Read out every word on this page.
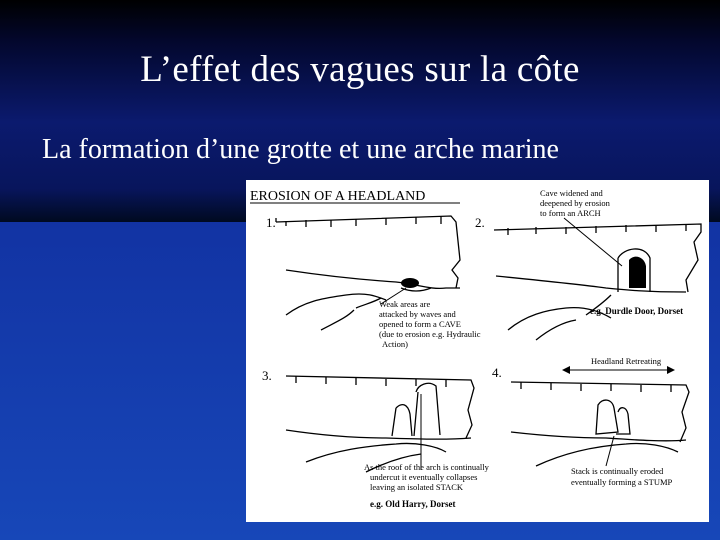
L’effet des vagues sur la côte
La formation d’une grotte et une arche marine
EROSION OF A HEADLAND
1.	2.
3.	4.
Weak areas are
attacked by waves and
opened to form a CAVE
(due to erosion e.g. Hydraulic
Action)
Cave widened and
deepened by erosion
to form an ARCH
e.g. Durdle Door, Dorset
Headland Retreating
As the roof of the arch is continually
undercut it eventually collapses
leaving an isolated STACK
e.g. Old Harry, Dorset
Stack is continually eroded
eventually forming a STUMP
